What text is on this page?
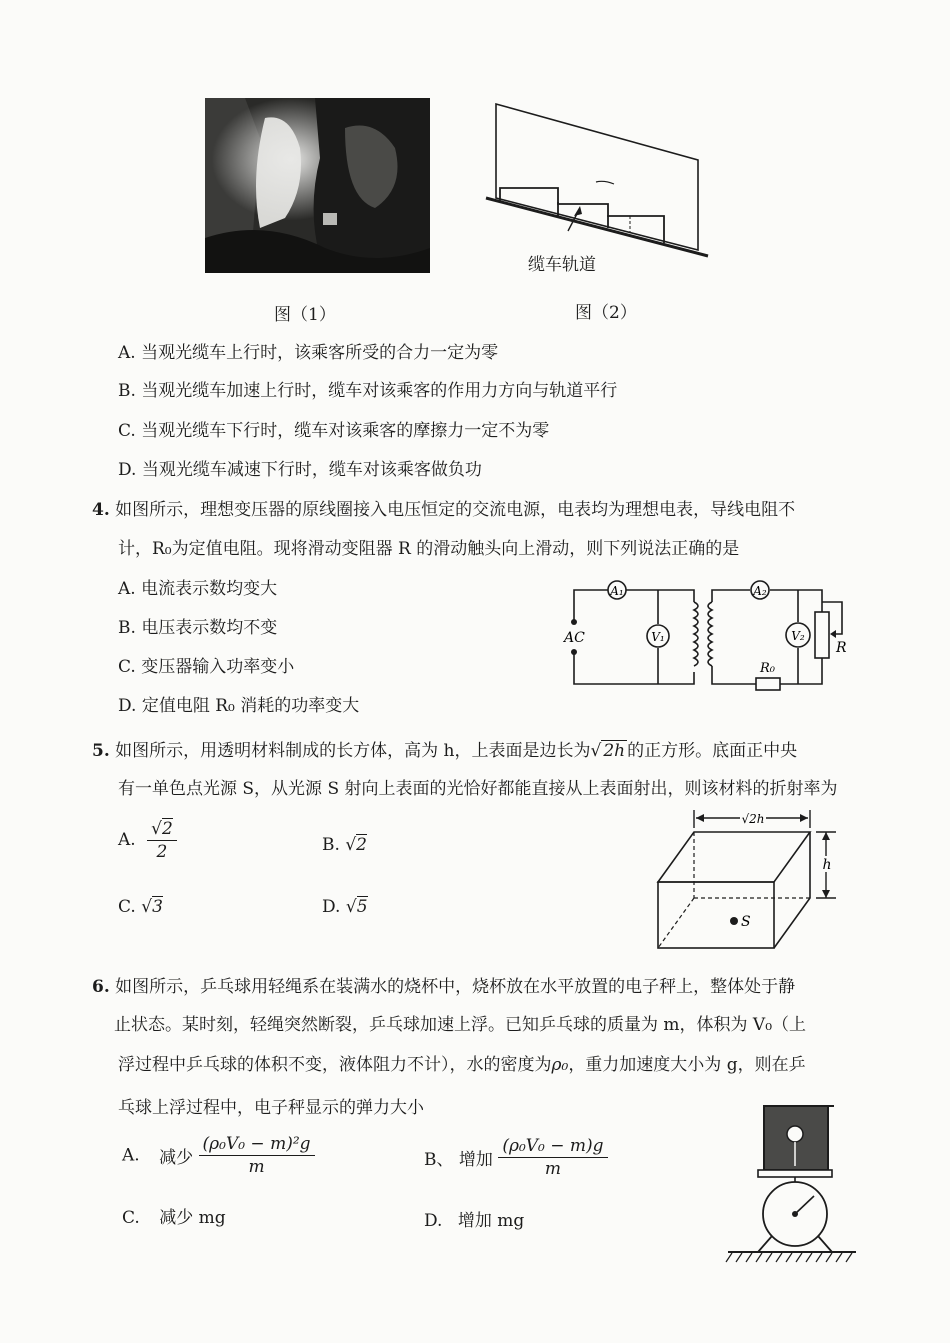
缆车轨道
图（1）	图（2）
A. 当观光缆车上行时，该乘客所受的合力一定为零
B. 当观光缆车加速上行时，缆车对该乘客的作用力方向与轨道平行
C. 当观光缆车下行时，缆车对该乘客的摩擦力一定不为零
D. 当观光缆车减速下行时，缆车对该乘客做负功
4. 如图所示，理想变压器的原线圈接入电压恒定的交流电源，电表均为理想电表，导线电阻不
计，R₀为定值电阻。现将滑动变阻器 R 的滑动触头向上滑动，则下列说法正确的是
A. 电流表示数均变大
B. 电压表示数均不变
C. 变压器输入功率变小
D. 定值电阻 R₀ 消耗的功率变大
A₁	A₂
V₁	V₂
AC
R
R₀
5. 如图所示，用透明材料制成的长方体，高为 h，上表面是边长为√ 2h 的正方形。底面正中央
有一单色点光源 S，从光源 S 射向上表面的光恰好都能直接从上表面射出，则该材料的折射率为
A. $\frac{√2}{2}$	B. √2
C. √3	D. √5
√2h
h
S
6. 如图所示，乒乓球用轻绳系在装满水的烧杯中，烧杯放在水平放置的电子秤上，整体处于静
止状态。某时刻，轻绳突然断裂，乒乓球加速上浮。已知乒乓球的质量为 m，体积为 V₀（上
浮过程中乒乓球的体积不变，液体阻力不计），水的密度为ρ₀，重力加速度大小为 g，则在乒
乓球上浮过程中，电子秤显示的弹力大小
A. 减少 $\frac{\text{(ρ₀V₀ − m)²g}}{m}$	B、 增加 $\frac{\text{(ρ₀V₀ − m)g}}{m}$
C. 减少 mg	D. 增加 mg
